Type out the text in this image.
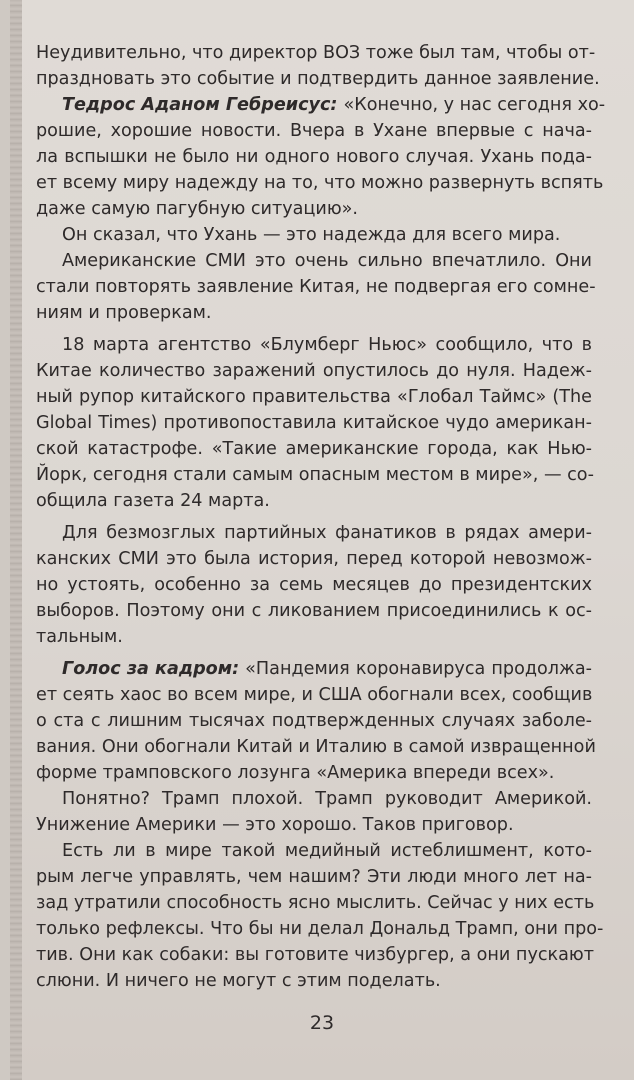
Неудивительно, что директор ВОЗ тоже был там, чтобы от-
праздновать это событие и подтвердить данное заявление.
Тедрос Аданом Гебреисус: «Конечно, у нас сегодня хо-
рошие, хорошие новости. Вчера в Ухане впервые с нача-
ла вспышки не было ни одного нового случая. Ухань пода-
ет всему миру надежду на то, что можно развернуть вспять
даже самую пагубную ситуацию».
Он сказал, что Ухань — это надежда для всего мира.
Американские СМИ это очень сильно впечатлило. Они
стали повторять заявление Китая, не подвергая его сомне-
ниям и проверкам.
18 марта агентство «Блумберг Ньюс» сообщило, что в
Китае количество заражений опустилось до нуля. Надеж-
ный рупор китайского правительства «Глобал Таймс» (The
Global Times) противопоставила китайское чудо американ-
ской катастрофе. «Такие американские города, как Нью-
Йорк, сегодня стали самым опасным местом в мире», — со-
общила газета 24 марта.
Для безмозглых партийных фанатиков в рядах амери-
канских СМИ это была история, перед которой невозмож-
но устоять, особенно за семь месяцев до президентских
выборов. Поэтому они с ликованием присоединились к ос-
тальным.
Голос за кадром: «Пандемия коронавируса продолжа-
ет сеять хаос во всем мире, и США обогнали всех, сообщив
о ста с лишним тысячах подтвержденных случаях заболе-
вания. Они обогнали Китай и Италию в самой извращенной
форме трамповского лозунга «Америка впереди всех».
Понятно? Трамп плохой. Трамп руководит Америкой.
Унижение Америки — это хорошо. Таков приговор.
Есть ли в мире такой медийный истеблишмент, кото-
рым легче управлять, чем нашим? Эти люди много лет на-
зад утратили способность ясно мыслить. Сейчас у них есть
только рефлексы. Что бы ни делал Дональд Трамп, они про-
тив. Они как собаки: вы готовите чизбургер, а они пускают
слюни. И ничего не могут с этим поделать.
23
